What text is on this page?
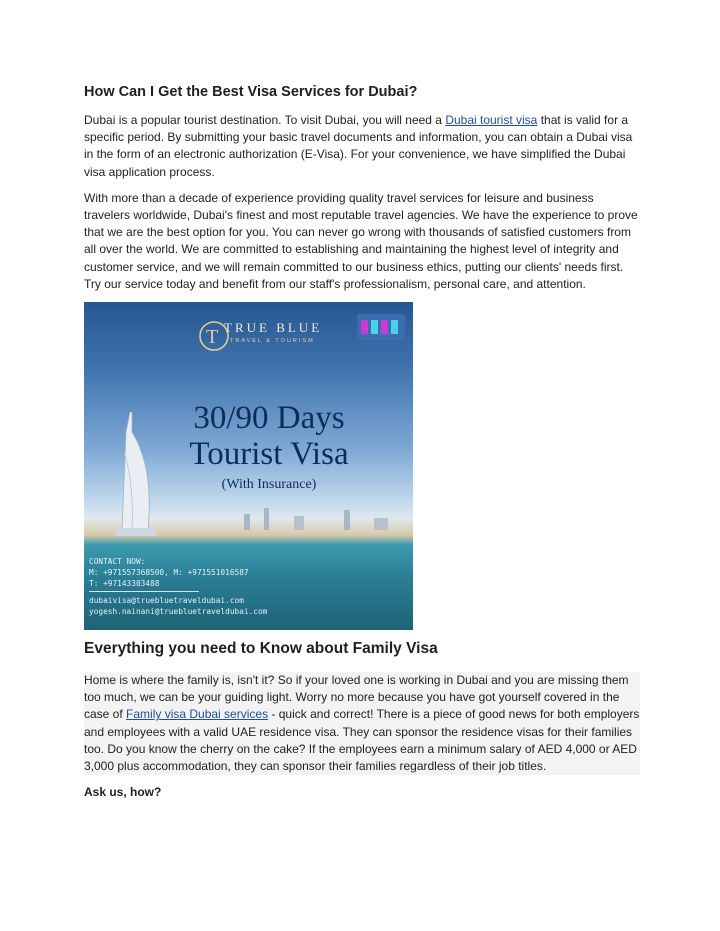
How Can I Get the Best Visa Services for Dubai?

Dubai is a popular tourist destination. To visit Dubai, you will need a Dubai tourist visa that is valid for a specific period. By submitting your basic travel documents and information, you can obtain a Dubai visa in the form of an electronic authorization (E-Visa). For your convenience, we have simplified the Dubai visa application process.

With more than a decade of experience providing quality travel services for leisure and business travelers worldwide, Dubai's finest and most reputable travel agencies. We have the experience to prove that we are the best option for you. You can never go wrong with thousands of satisfied customers from all over the world. We are committed to establishing and maintaining the highest level of integrity and customer service, and we will remain committed to our business ethics, putting our clients' needs first. Try our service today and benefit from our staff's professionalism, personal care, and attention.

T TRUE BLUE
TRAVEL & TOURISM
30/90 Days
Tourist Visa
(With Insurance)
CONTACT NOW:
M: +971557368500, M: +971551016587
T: +97143303488
dubaivisa@truebluetraveldubai.com
yogesh.nainani@truebluetraveldubai.com
Everything you need to Know about Family Visa

Home is where the family is, isn't it? So if your loved one is working in Dubai and you are missing them too much, we can be your guiding light. Worry no more because you have got yourself covered in the case of Family visa Dubai services - quick and correct! There is a piece of good news for both employers and employees with a valid UAE residence visa. They can sponsor the residence visas for their families too. Do you know the cherry on the cake? If the employees earn a minimum salary of AED 4,000 or AED 3,000 plus accommodation, they can sponsor their families regardless of their job titles.

Ask us, how?
